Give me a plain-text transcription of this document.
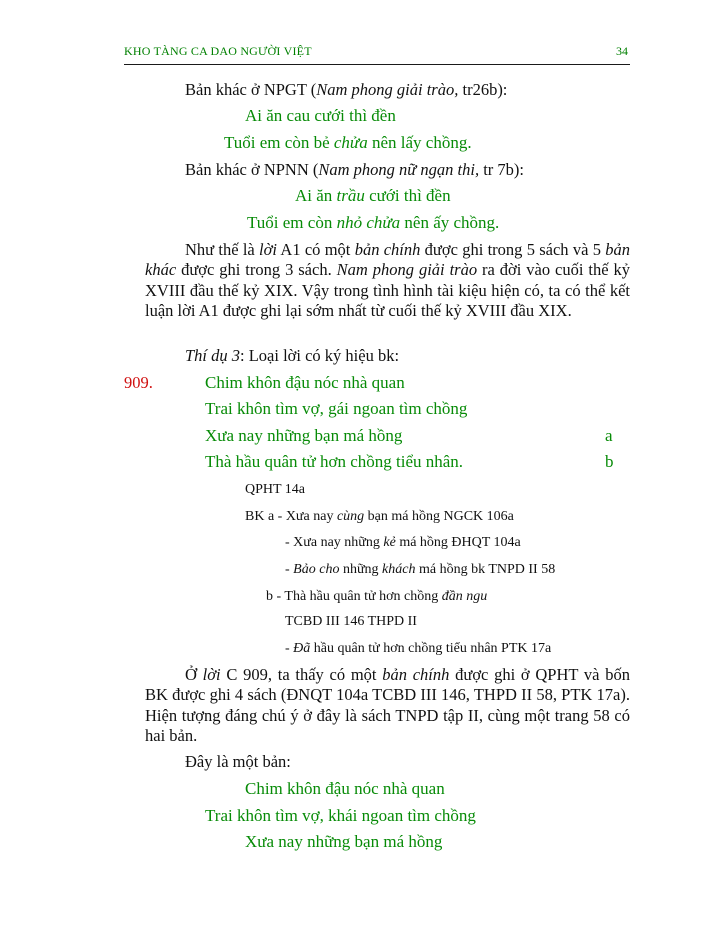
KHO TÀNG CA DAO NGƯỜI VIỆT	34
Bản khác ở NPGT (Nam phong giải trào, tr26b):
Ai ăn cau cưới thì đền
Tuổi em còn bẻ chửa nên lấy chồng.
Bản khác ở NPNN (Nam phong nữ ngạn thi, tr 7b):
Ai ăn trầu cưới thì đền
Tuổi em còn nhỏ chửa nên ấy chồng.
Như thế là lời A1 có một bản chính được ghi trong 5 sách và 5 bản khác được ghi trong 3 sách. Nam phong giải trào ra đời vào cuối thế kỷ XVIII đầu thế kỷ XIX. Vậy trong tình hình tài kiệu hiện có, ta có thể kết luận lời A1 được ghi lại sớm nhất từ cuối thế kỷ XVIII đầu XIX.
Thí dụ 3: Loại lời có ký hiệu bk:
909.	Chim khôn đậu nóc nhà quan
Trai khôn tìm vợ, gái ngoan tìm chồng
Xưa nay những bạn má hồng	a
Thà hầu quân tử hơn chồng tiểu nhân.	b
QPHT 14a
BK a - Xưa nay cùng bạn má hồng NGCK 106a
- Xưa nay những kẻ má hồng ĐHQT 104a
- Bảo cho những khách má hồng bk TNPD II 58
b - Thà hầu quân tử hơn chồng đần ngu
TCBD III 146 THPD II
- Đã hầu quân tử hơn chồng tiểu nhân PTK 17a
Ở lời C 909, ta thấy có một bản chính được ghi ở QPHT và bốn BK được ghi 4 sách (ĐNQT 104a TCBD III 146, THPD II 58, PTK 17a). Hiện tượng đáng chú ý ở đây là sách TNPD tập II, cùng một trang 58 có hai bản.
Đây là một bản:
Chim khôn đậu nóc nhà quan
Trai khôn tìm vợ, khái ngoan tìm chồng
Xưa nay những bạn má hồng
